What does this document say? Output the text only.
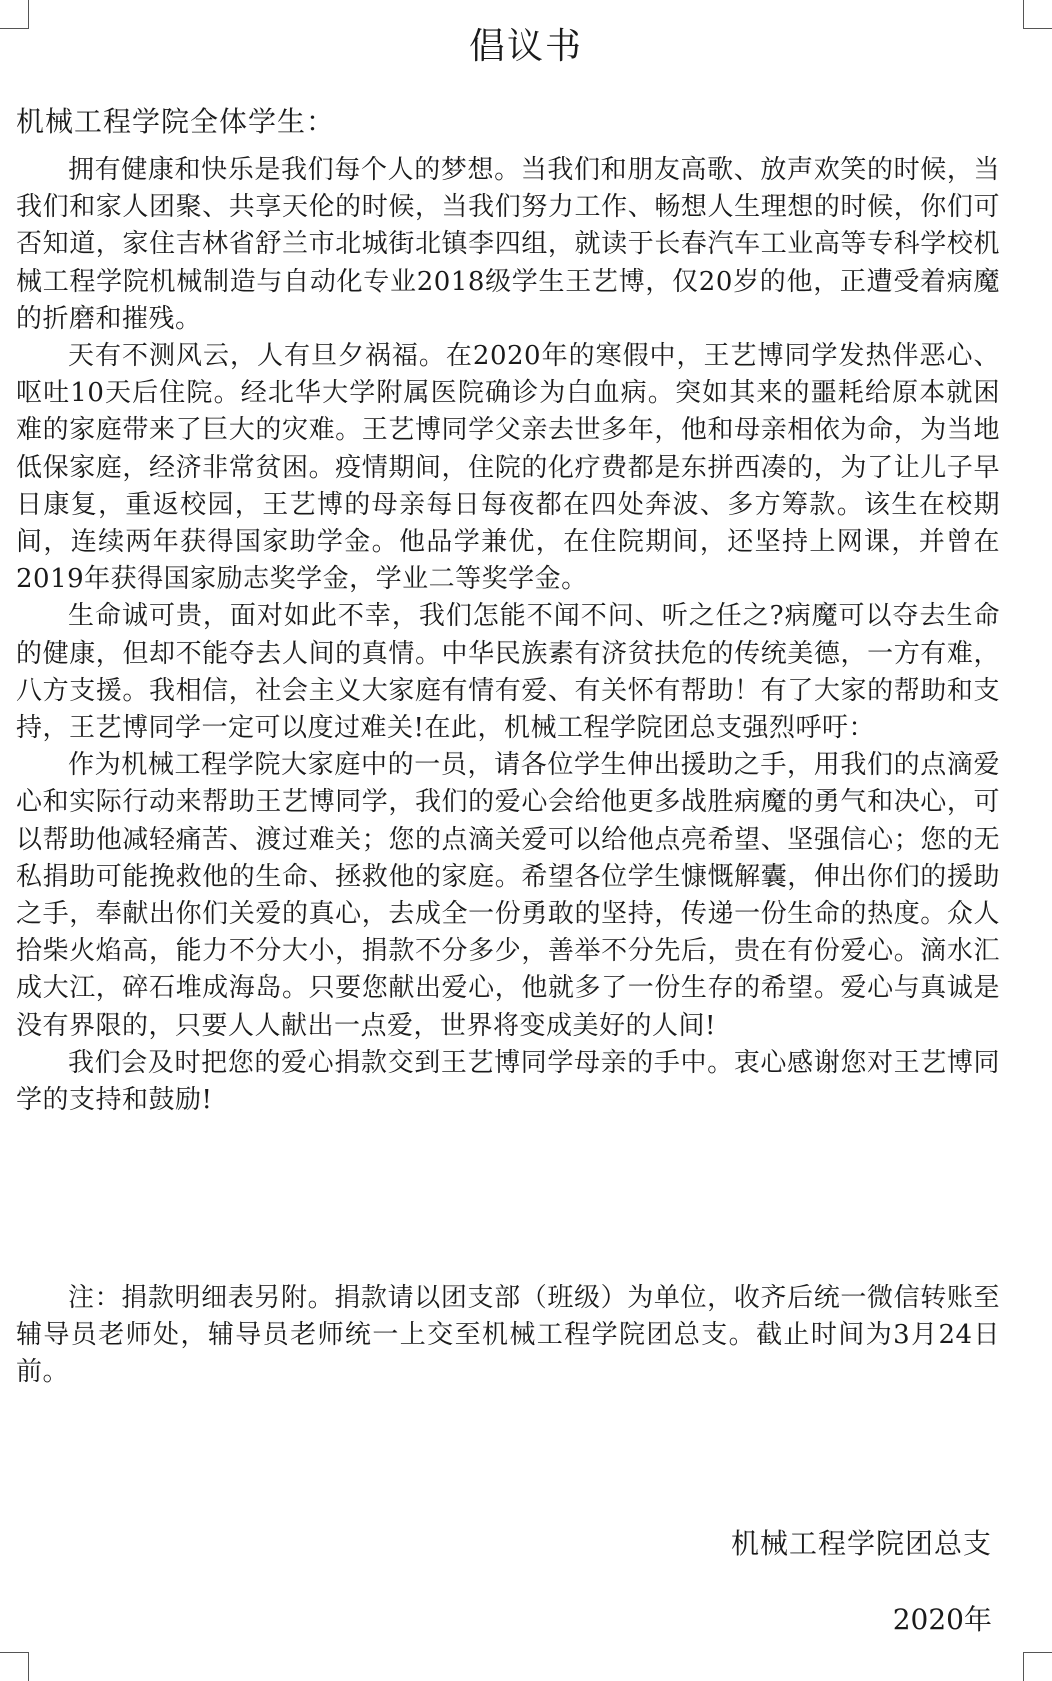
倡议书
机械工程学院全体学生：

拥有健康和快乐是我们每个人的梦想。当我们和朋友高歌、放声欢笑的时候，当我们和家人团聚、共享天伦的时候，当我们努力工作、畅想人生理想的时候，你们可否知道，家住吉林省舒兰市北城街北镇李四组，就读于长春汽车工业高等专科学校机械工程学院机械制造与自动化专业2018级学生王艺博，仅20岁的他，正遭受着病魔的折磨和摧残。

天有不测风云，人有旦夕祸福。在2020年的寒假中，王艺博同学发热伴恶心、呕吐10天后住院。经北华大学附属医院确诊为白血病。突如其来的噩耗给原本就困难的家庭带来了巨大的灾难。王艺博同学父亲去世多年，他和母亲相依为命，为当地低保家庭，经济非常贫困。疫情期间，住院的化疗费都是东拼西凑的，为了让儿子早日康复，重返校园，王艺博的母亲每日每夜都在四处奔波、多方筹款。该生在校期间，连续两年获得国家助学金。他品学兼优，在住院期间，还坚持上网课，并曾在2019年获得国家励志奖学金，学业二等奖学金。

生命诚可贵，面对如此不幸，我们怎能不闻不问、听之任之?病魔可以夺去生命的健康，但却不能夺去人间的真情。中华民族素有济贫扶危的传统美德，一方有难，八方支援。我相信，社会主义大家庭有情有爱、有关怀有帮助！有了大家的帮助和支持，王艺博同学一定可以度过难关!在此，机械工程学院团总支强烈呼吁：

作为机械工程学院大家庭中的一员，请各位学生伸出援助之手，用我们的点滴爱心和实际行动来帮助王艺博同学，我们的爱心会给他更多战胜病魔的勇气和决心，可以帮助他减轻痛苦、渡过难关；您的点滴关爱可以给他点亮希望、坚强信心；您的无私捐助可能挽救他的生命、拯救他的家庭。希望各位学生慷慨解囊，伸出你们的援助之手，奉献出你们关爱的真心，去成全一份勇敢的坚持，传递一份生命的热度。众人拾柴火焰高，能力不分大小，捐款不分多少，善举不分先后，贵在有份爱心。滴水汇成大江，碎石堆成海岛。只要您献出爱心，他就多了一份生存的希望。爱心与真诚是没有界限的，只要人人献出一点爱，世界将变成美好的人间!

我们会及时把您的爱心捐款交到王艺博同学母亲的手中。衷心感谢您对王艺博同学的支持和鼓励!

注：捐款明细表另附。捐款请以团支部（班级）为单位，收齐后统一微信转账至辅导员老师处，辅导员老师统一上交至机械工程学院团总支。截止时间为3月24日前。
机械工程学院团总支
2020年
